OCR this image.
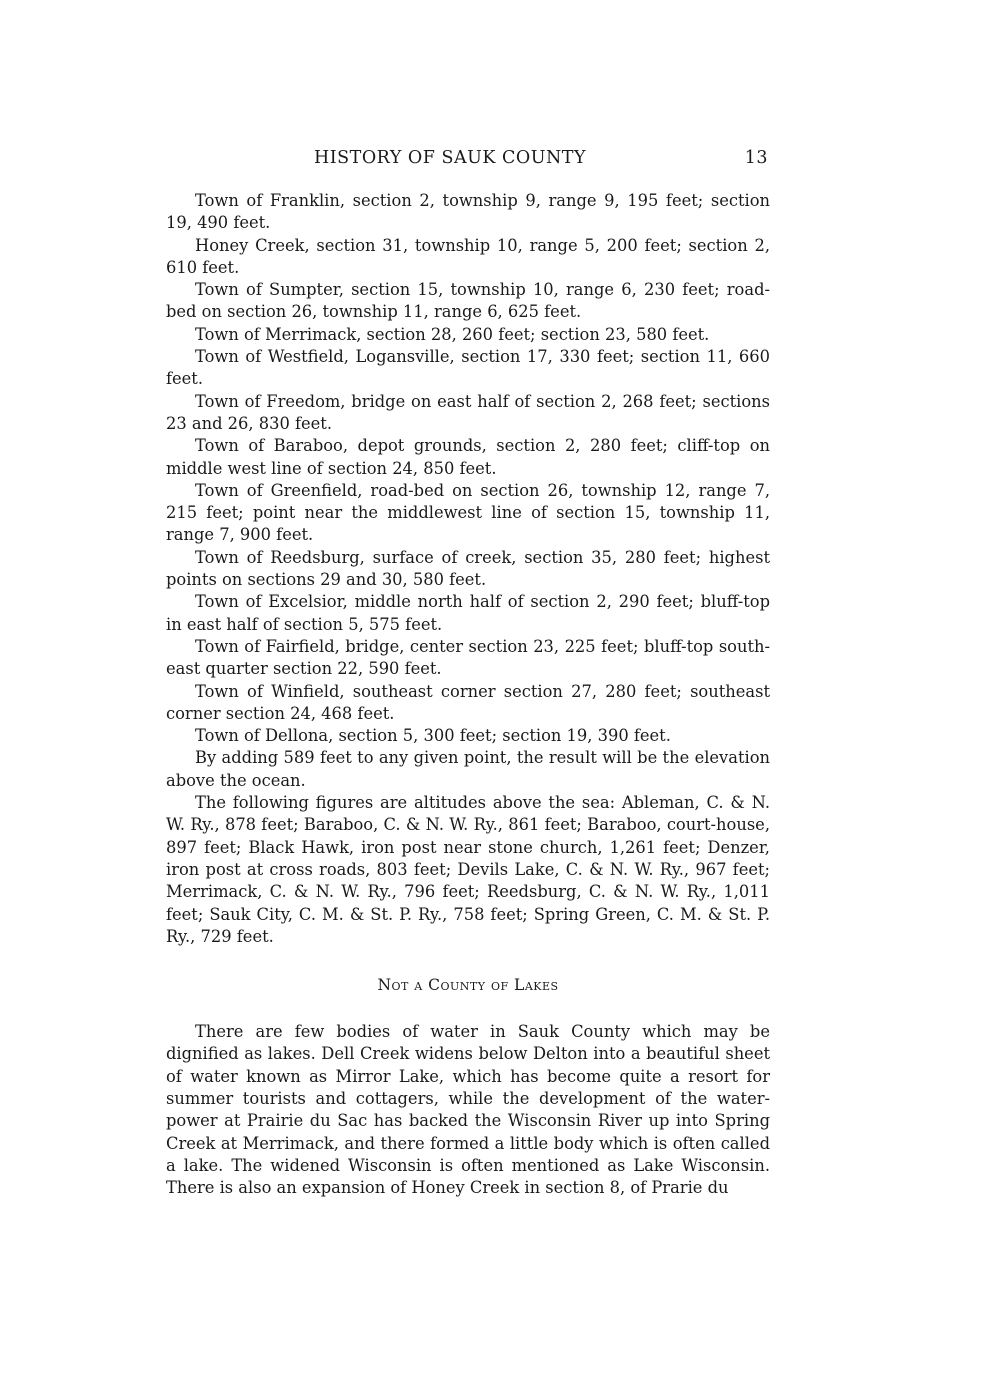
HISTORY OF SAUK COUNTY	13

Town of Franklin, section 2, township 9, range 9, 195 feet; section 19, 490 feet.

Honey Creek, section 31, township 10, range 5, 200 feet; section 2, 610 feet.

Town of Sumpter, section 15, township 10, range 6, 230 feet; road-bed on section 26, township 11, range 6, 625 feet.

Town of Merrimack, section 28, 260 feet; section 23, 580 feet.

Town of Westfield, Logansville, section 17, 330 feet; section 11, 660 feet.

Town of Freedom, bridge on east half of section 2, 268 feet; sections 23 and 26, 830 feet.

Town of Baraboo, depot grounds, section 2, 280 feet; cliff-top on middle west line of section 24, 850 feet.

Town of Greenfield, road-bed on section 26, township 12, range 7, 215 feet; point near the middlewest line of section 15, township 11, range 7, 900 feet.

Town of Reedsburg, surface of creek, section 35, 280 feet; highest points on sections 29 and 30, 580 feet.

Town of Excelsior, middle north half of section 2, 290 feet; bluff-top in east half of section 5, 575 feet.

Town of Fairfield, bridge, center section 23, 225 feet; bluff-top south-east quarter section 22, 590 feet.

Town of Winfield, southeast corner section 27, 280 feet; southeast corner section 24, 468 feet.

Town of Dellona, section 5, 300 feet; section 19, 390 feet.

By adding 589 feet to any given point, the result will be the elevation above the ocean.

The following figures are altitudes above the sea: Ableman, C. & N. W. Ry., 878 feet; Baraboo, C. & N. W. Ry., 861 feet; Baraboo, court-house, 897 feet; Black Hawk, iron post near stone church, 1,261 feet; Denzer, iron post at cross roads, 803 feet; Devils Lake, C. & N. W. Ry., 967 feet; Merrimack, C. & N. W. Ry., 796 feet; Reedsburg, C. & N. W. Ry., 1,011 feet; Sauk City, C. M. & St. P. Ry., 758 feet; Spring Green, C. M. & St. P. Ry., 729 feet.

Not a County of Lakes

There are few bodies of water in Sauk County which may be dignified as lakes. Dell Creek widens below Delton into a beautiful sheet of water known as Mirror Lake, which has become quite a resort for summer tourists and cottagers, while the development of the water-power at Prairie du Sac has backed the Wisconsin River up into Spring Creek at Merrimack, and there formed a little body which is often called a lake. The widened Wisconsin is often mentioned as Lake Wisconsin. There is also an expansion of Honey Creek in section 8, of Prarie du
